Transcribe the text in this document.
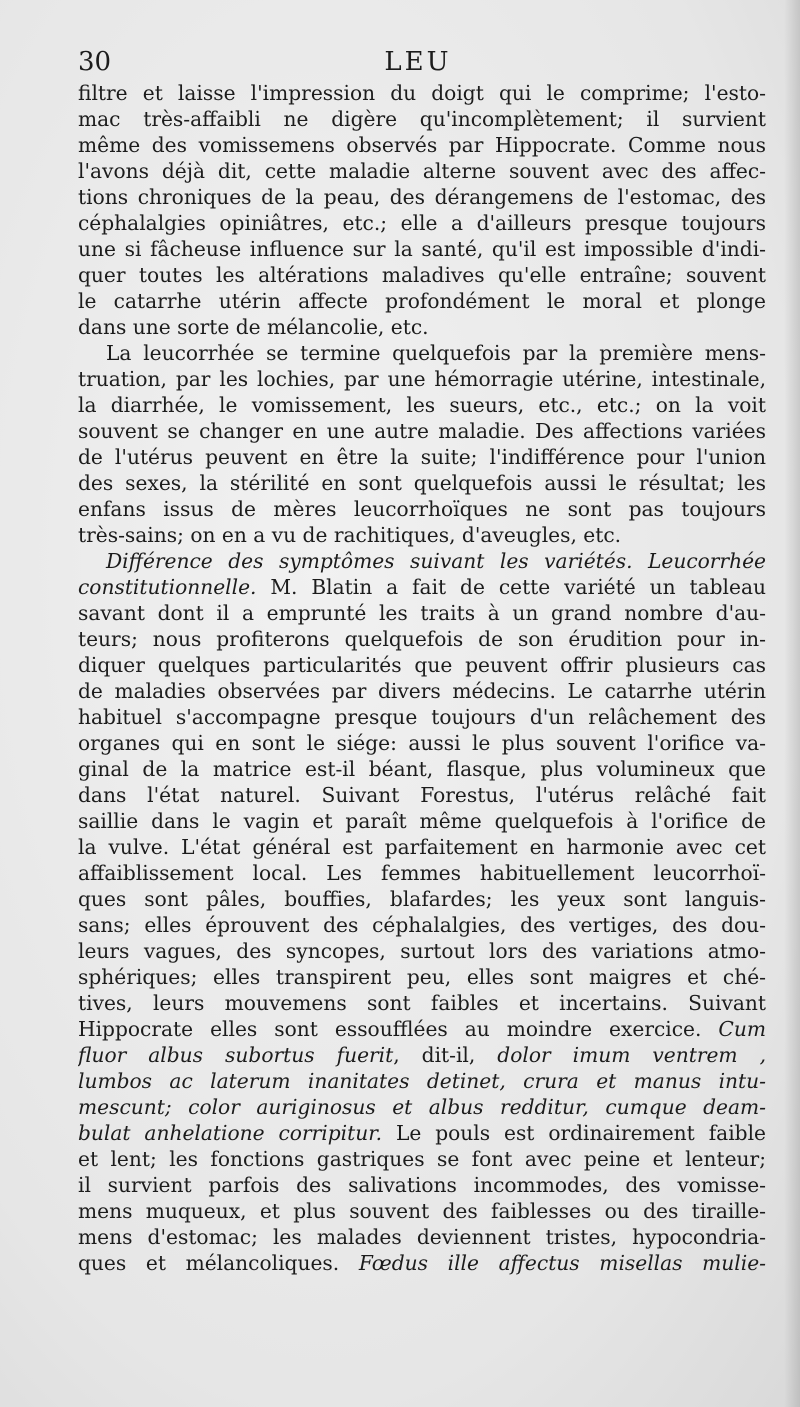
30	LEU
filtre et laisse l'impression du doigt qui le comprime; l'esto-
mac très-affaibli ne digère qu'incomplètement; il survient
même des vomissemens observés par Hippocrate. Comme nous
l'avons déjà dit, cette maladie alterne souvent avec des affec-
tions chroniques de la peau, des dérangemens de l'estomac, des
céphalalgies opiniâtres, etc.; elle a d'ailleurs presque toujours
une si fâcheuse influence sur la santé, qu'il est impossible d'indi-
quer toutes les altérations maladives qu'elle entraîne; souvent
le catarrhe utérin affecte profondément le moral et plonge
dans une sorte de mélancolie, etc.
La leucorrhée se termine quelquefois par la première mens-
truation, par les lochies, par une hémorragie utérine, intestinale,
la diarrhée, le vomissement, les sueurs, etc., etc.; on la voit
souvent se changer en une autre maladie. Des affections variées
de l'utérus peuvent en être la suite; l'indifférence pour l'union
des sexes, la stérilité en sont quelquefois aussi le résultat; les
enfans issus de mères leucorrhoïques ne sont pas toujours
très-sains; on en a vu de rachitiques, d'aveugles, etc.
Différence des symptômes suivant les variétés. Leucorrhée
constitutionnelle. M. Blatin a fait de cette variété un tableau
savant dont il a emprunté les traits à un grand nombre d'au-
teurs; nous profiterons quelquefois de son érudition pour in-
diquer quelques particularités que peuvent offrir plusieurs cas
de maladies observées par divers médecins. Le catarrhe utérin
habituel s'accompagne presque toujours d'un relâchement des
organes qui en sont le siége: aussi le plus souvent l'orifice va-
ginal de la matrice est-il béant, flasque, plus volumineux que
dans l'état naturel. Suivant Forestus, l'utérus relâché fait
saillie dans le vagin et paraît même quelquefois à l'orifice de
la vulve. L'état général est parfaitement en harmonie avec cet
affaiblissement local. Les femmes habituellement leucorrhoï-
ques sont pâles, bouffies, blafardes; les yeux sont languis-
sans; elles éprouvent des céphalalgies, des vertiges, des dou-
leurs vagues, des syncopes, surtout lors des variations atmo-
sphériques; elles transpirent peu, elles sont maigres et ché-
tives, leurs mouvemens sont faibles et incertains. Suivant
Hippocrate elles sont essoufflées au moindre exercice. Cum
fluor albus subortus fuerit, dit-il, dolor imum ventrem ,
lumbos ac laterum inanitates detinet, crura et manus intu-
mescunt; color auriginosus et albus redditur, cumque deam-
bulat anhelatione corripitur. Le pouls est ordinairement faible
et lent; les fonctions gastriques se font avec peine et lenteur;
il survient parfois des salivations incommodes, des vomisse-
mens muqueux, et plus souvent des faiblesses ou des tiraille-
mens d'estomac; les malades deviennent tristes, hypocondria-
ques et mélancoliques. Fœdus ille affectus misellas mulie-
